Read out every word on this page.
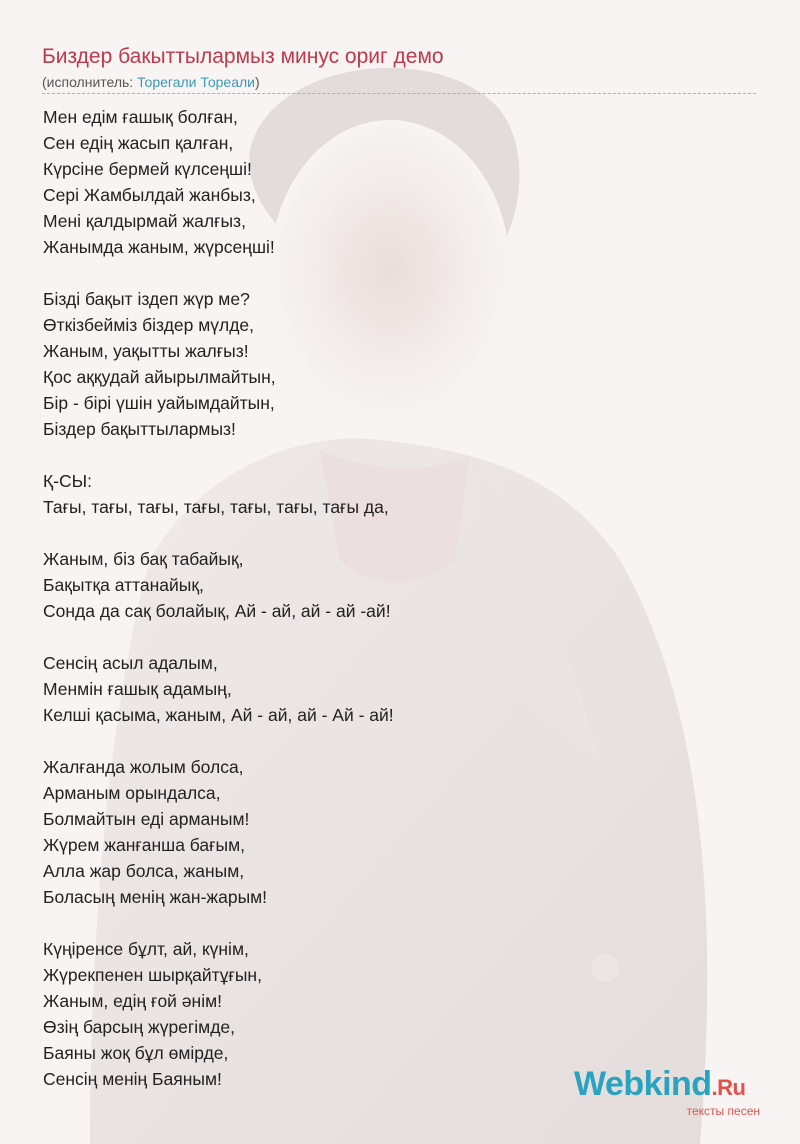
Биздер бакыттылармыз минус ориг демо
(исполнитель: Торегали Тореали)
Мен едім ғашық болған,
Сен едің жасып қалған,
Күрсіне бермей күлсеңші!
Сері Жамбылдай жанбыз,
Мені қалдырмай жалғыз,
Жанымда жаным, жүрсеңші!
Бізді бақыт іздеп жүр ме?
Өткізбейміз біздер мүлде,
Жаным, уақытты жалғыз!
Қос аққудай айырылмайтын,
Бір - бірі үшін уайымдайтын,
Біздер бақыттылармыз!
Қ-СЫ:
Тағы, тағы, тағы, тағы, тағы, тағы, тағы да,
Жаным, біз бақ табайық,
Бақытқа аттанайық,
Сонда да сақ болайық, Ай - ай, ай - ай -ай!
Сенсің асыл адалым,
Менмін ғашық адамың,
Келші қасыма, жаным, Ай - ай, ай - Ай - ай!
Жалғанда жолым болса,
Арманым орындалса,
Болмайтын еді арманым!
Жүрем жанғанша бағым,
Алла жар болса, жаным,
Боласың менің жан-жарым!
Күңіренсе бұлт, ай, күнім,
Жүрекпенен шырқайтұғын,
Жаным, едің ғой әнім!
Өзің барсың жүрегімде,
Баяны жоқ бұл өмірде,
Сенсің менің Баяным!	Webkind.Ru
тексты песен
